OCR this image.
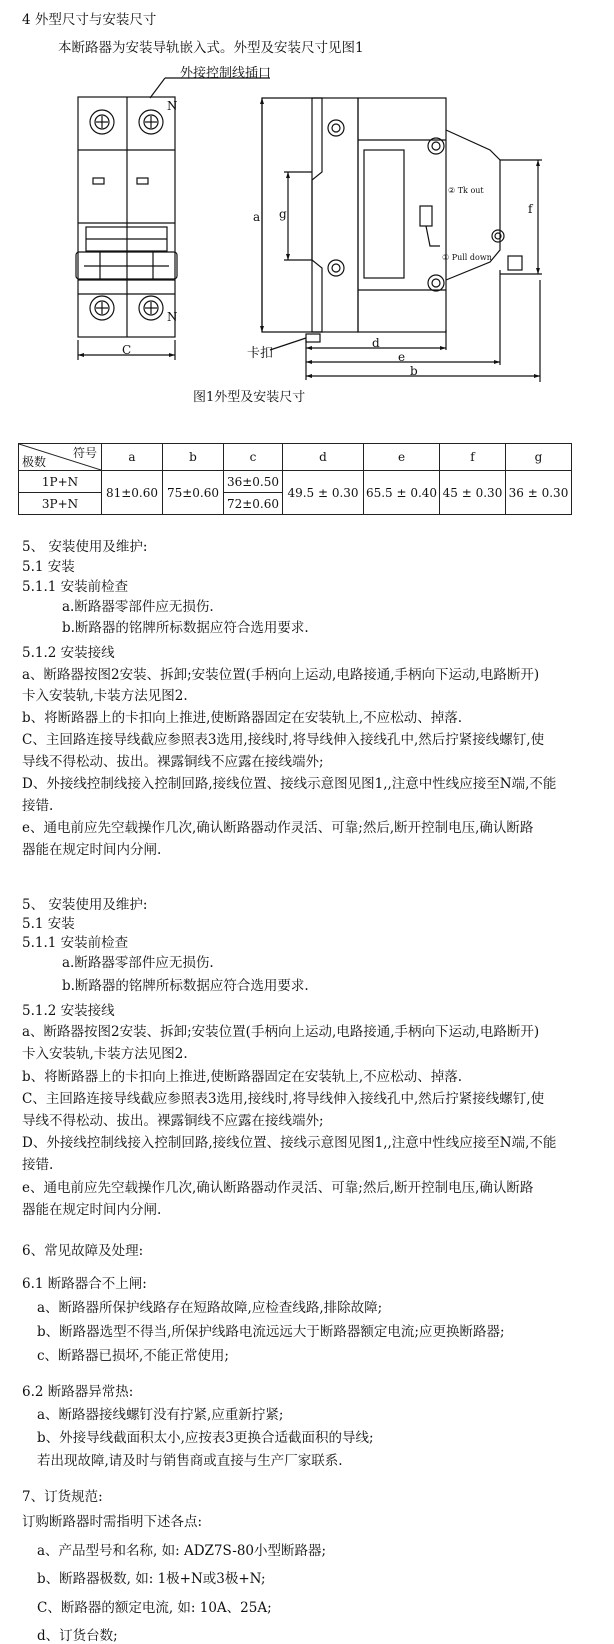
4 外型尺寸与安装尺寸
本断路器为安装导轨嵌入式。外型及安装尺寸见图1
外接控制线插口
N
N
C
a g	f
d
e
b
卡扣
② Tk out
① Pull down
图1外型及安装尺寸
符号
极数	a	b	c	d	e	f	g
1P+N	81±0.60	75±0.60	36±0.50	49.5 ± 0.30	65.5 ± 0.40	45 ± 0.30	36 ± 0.30
3P+N			72±0.60				
5、 安装使用及维护:
5.1 安装
5.1.1 安装前检查
a.断路器零部件应无损伤.
b.断路器的铭牌所标数据应符合选用要求.
5.1.2 安装接线
a、断路器按图2安装、拆卸;安装位置(手柄向上运动,电路接通,手柄向下运动,电路断开)
卡入安装轨,卡装方法见图2.
b、将断路器上的卡扣向上推进,使断路器固定在安装轨上,不应松动、掉落.
C、主回路连接导线截应参照表3选用,接线时,将导线伸入接线孔中,然后拧紧接线螺钉,使
导线不得松动、拔出。裸露铜线不应露在接线端外;
D、外接线控制线接入控制回路,接线位置、接线示意图见图1,,注意中性线应接至N端,不能
接错.
e、通电前应先空载操作几次,确认断路器动作灵活、可靠;然后,断开控制电压,确认断路
器能在规定时间内分闸.
5、 安装使用及维护:
5.1 安装
5.1.1 安装前检查
a.断路器零部件应无损伤.
b.断路器的铭牌所标数据应符合选用要求.
5.1.2 安装接线
a、断路器按图2安装、拆卸;安装位置(手柄向上运动,电路接通,手柄向下运动,电路断开)
卡入安装轨,卡装方法见图2.
b、将断路器上的卡扣向上推进,使断路器固定在安装轨上,不应松动、掉落.
C、主回路连接导线截应参照表3选用,接线时,将导线伸入接线孔中,然后拧紧接线螺钉,使
导线不得松动、拔出。裸露铜线不应露在接线端外;
D、外接线控制线接入控制回路,接线位置、接线示意图见图1,,注意中性线应接至N端,不能
接错.
e、通电前应先空载操作几次,确认断路器动作灵活、可靠;然后,断开控制电压,确认断路
器能在规定时间内分闸.
6、常见故障及处理:
6.1 断路器合不上闸:
a、断路器所保护线路存在短路故障,应检查线路,排除故障;
b、断路器选型不得当,所保护线路电流远远大于断路器额定电流;应更换断路器;
c、断路器已损坏,不能正常使用;
6.2 断路器异常热:
a、断路器接线螺钉没有拧紧,应重新拧紧;
b、外接导线截面积太小,应按表3更换合适截面积的导线;
若出现故障,请及时与销售商或直接与生产厂家联系.
7、订货规范:
订购断路器时需指明下述各点:
a、产品型号和名称, 如: ADZ7S-80小型断路器;
b、断路器极数, 如: 1极+N或3极+N;
C、断路器的额定电流, 如: 10A、25A;
d、订货台数;
